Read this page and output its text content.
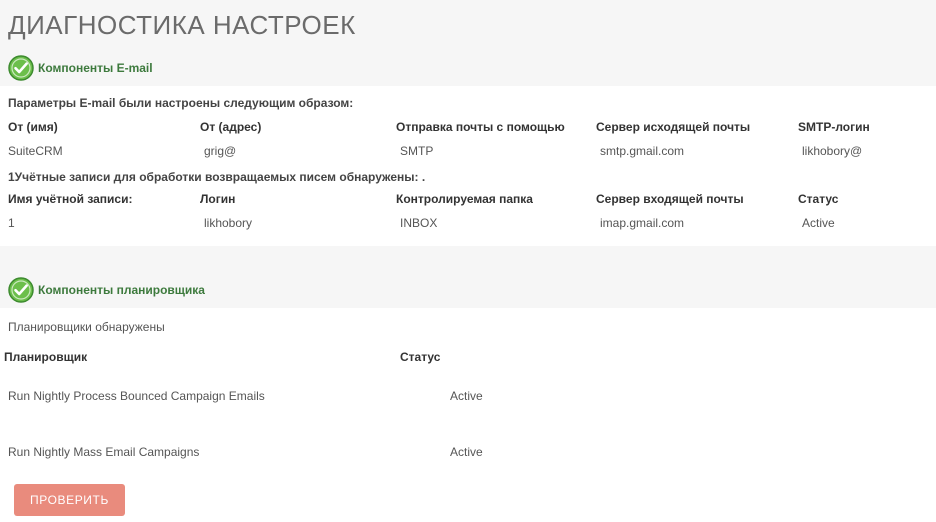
ДИАГНОСТИКА НАСТРОЕК
Компоненты E-mail
Параметры E-mail были настроены следующим образом:
От (имя)	От (адрес)	Отправка почты с помощью	Сервер исходящей почты	SMTP-логин
SuiteCRM	grig@	SMTP	smtp.gmail.com	likhobory@
1Учётные записи для обработки возвращаемых писем обнаружены: .
Имя учётной записи:	Логин	Контролируемая папка	Сервер входящей почты	Статус
1	likhobory	INBOX	imap.gmail.com	Active
Компоненты планировщика
Планировщики обнаружены
Планировщик	Статус
Run Nightly Process Bounced Campaign Emails	Active
Run Nightly Mass Email Campaigns	Active
ПРОВЕРИТЬ
